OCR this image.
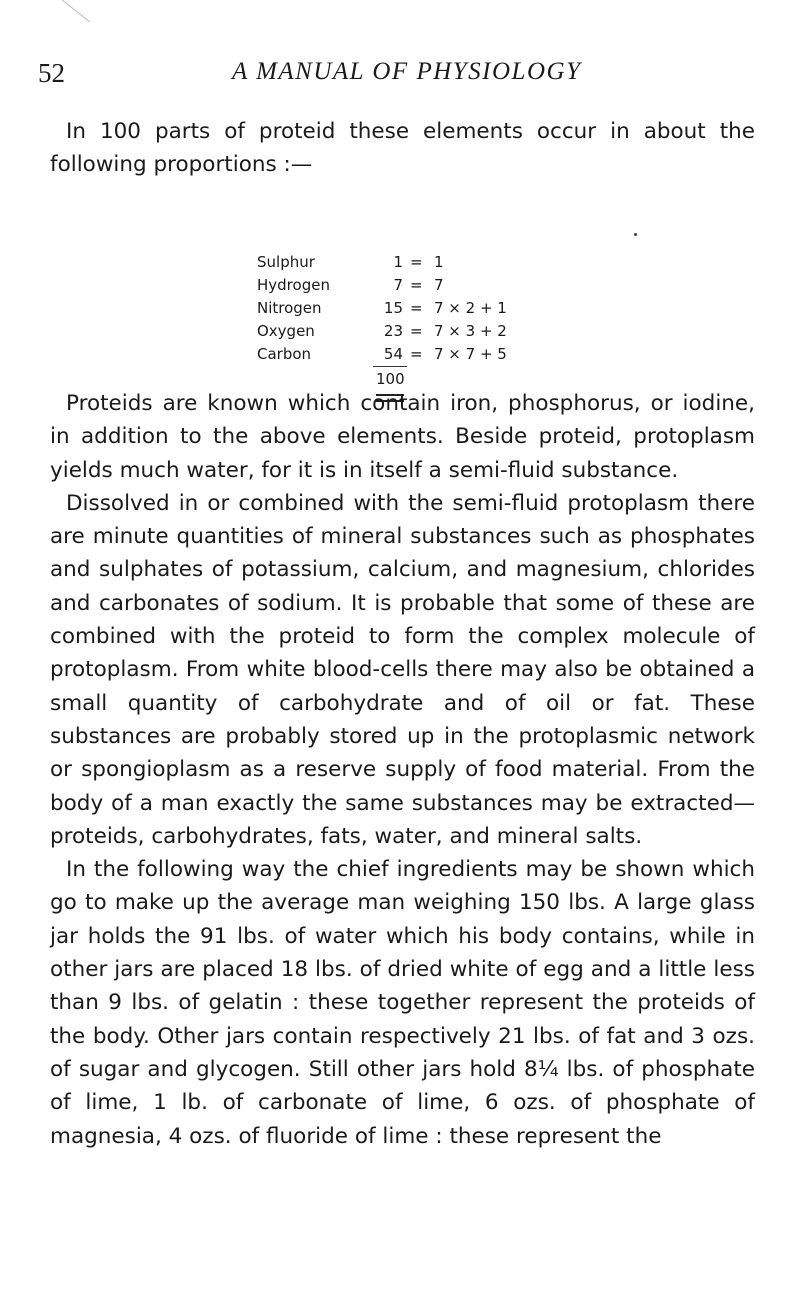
52	A MANUAL OF PHYSIOLOGY

In 100 parts of proteid these elements occur in about the following proportions :—

Sulphur	1 = 1
Hydrogen	7 = 7
Nitrogen	15 = 7 × 2 + 1
Oxygen	23 = 7 × 3 + 2
Carbon	54 = 7 × 7 + 5
100

Proteids are known which contain iron, phosphorus, or iodine, in addition to the above elements. Beside proteid, protoplasm yields much water, for it is in itself a semi-fluid substance.

Dissolved in or combined with the semi-fluid protoplasm there are minute quantities of mineral substances such as phosphates and sulphates of potassium, calcium, and magnesium, chlorides and carbonates of sodium. It is probable that some of these are combined with the proteid to form the complex molecule of protoplasm. From white blood-cells there may also be obtained a small quantity of carbohydrate and of oil or fat. These substances are probably stored up in the protoplasmic network or spongioplasm as a reserve supply of food material. From the body of a man exactly the same substances may be extracted—proteids, carbohydrates, fats, water, and mineral salts.

In the following way the chief ingredients may be shown which go to make up the average man weighing 150 lbs. A large glass jar holds the 91 lbs. of water which his body contains, while in other jars are placed 18 lbs. of dried white of egg and a little less than 9 lbs. of gelatin : these together represent the proteids of the body. Other jars contain respectively 21 lbs. of fat and 3 ozs. of sugar and glycogen. Still other jars hold 8¼ lbs. of phosphate of lime, 1 lb. of carbonate of lime, 6 ozs. of phosphate of magnesia, 4 ozs. of fluoride of lime : these represent the
